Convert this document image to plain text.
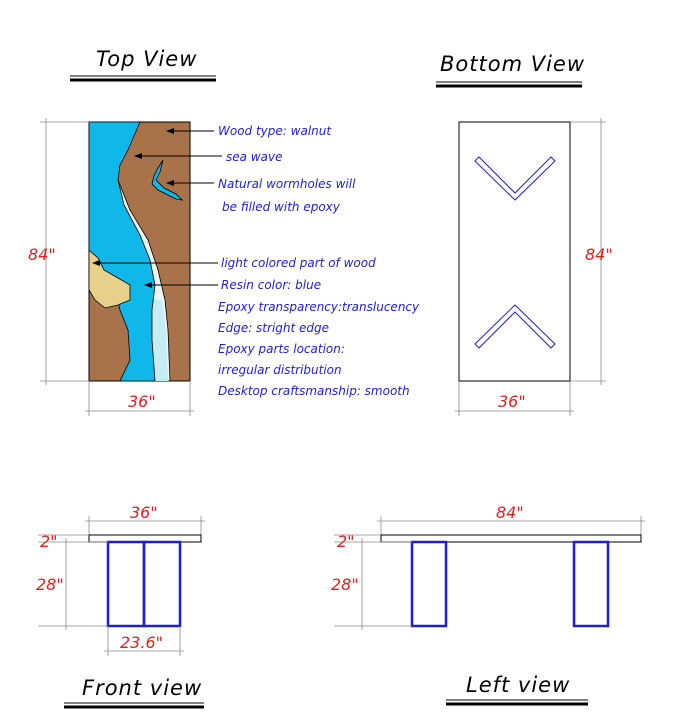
Top View
Wood type: walnut
sea wave
Natural wormholes will
be filled with epoxy
light colored part of wood
Resin color: blue
Epoxy transparency:translucency
Edge: stright edge
Epoxy parts location:
irregular distribution
Desktop craftsmanship: smooth
84"
36"
Bottom View
84"
36"
36"
2"
28"
23.6"
Front view
84"
2"
28"
Left view
